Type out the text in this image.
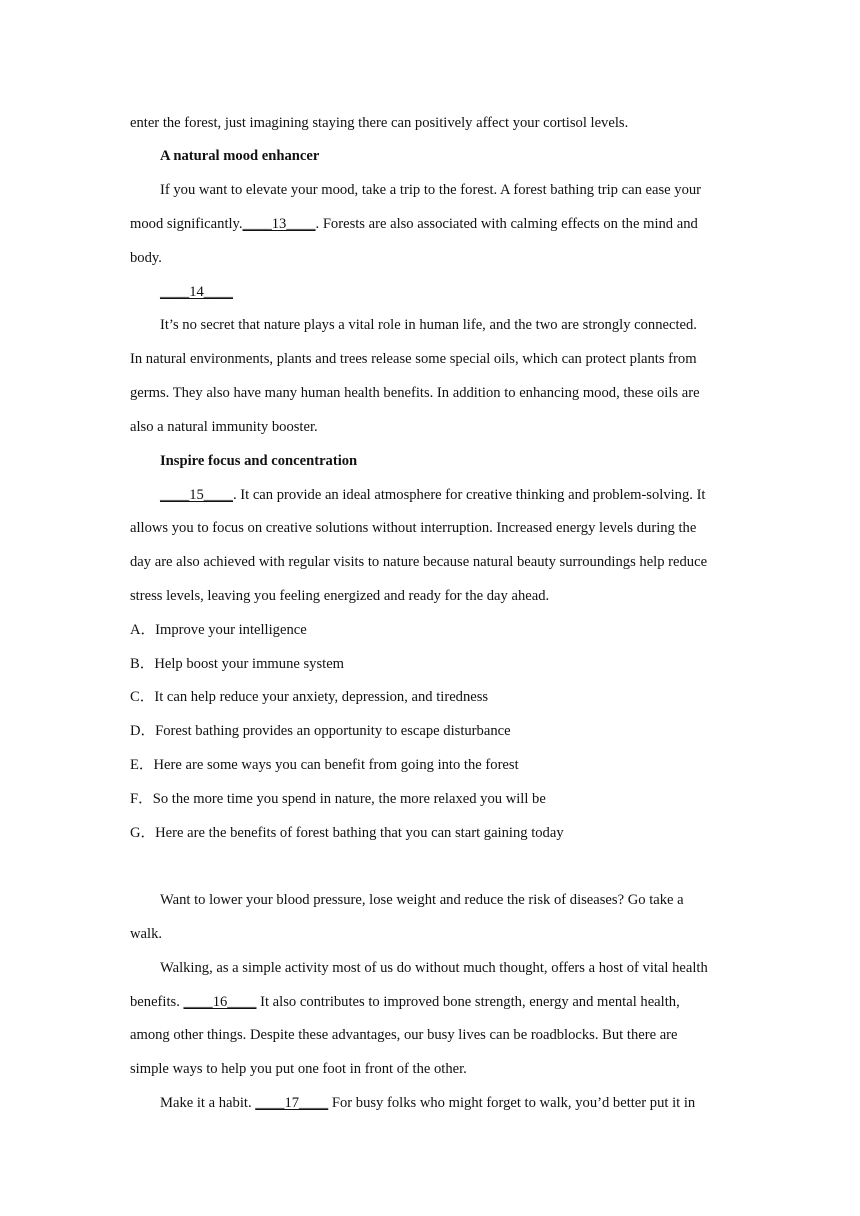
enter the forest, just imagining staying there can positively affect your cortisol levels.
A natural mood enhancer
If you want to elevate your mood, take a trip to the forest. A forest bathing trip can ease your
mood significantly.____13____. Forests are also associated with calming effects on the mind and
body.
____14____
It’s no secret that nature plays a vital role in human life, and the two are strongly connected.
In natural environments, plants and trees release some special oils, which can protect plants from
germs. They also have many human health benefits. In addition to enhancing mood, these oils are
also a natural immunity booster.
Inspire focus and concentration
____15____. It can provide an ideal atmosphere for creative thinking and problem-solving. It
allows you to focus on creative solutions without interruption. Increased energy levels during the
day are also achieved with regular visits to nature because natural beauty surroundings help reduce
stress levels, leaving you feeling energized and ready for the day ahead.
A．Improve your intelligence
B．Help boost your immune system
C．It can help reduce your anxiety, depression, and tiredness
D．Forest bathing provides an opportunity to escape disturbance
E．Here are some ways you can benefit from going into the forest
F．So the more time you spend in nature, the more relaxed you will be
G．Here are the benefits of forest bathing that you can start gaining today
Want to lower your blood pressure, lose weight and reduce the risk of diseases? Go take a
walk.
Walking, as a simple activity most of us do without much thought, offers a host of vital health
benefits. ____16____ It also contributes to improved bone strength, energy and mental health,
among other things. Despite these advantages, our busy lives can be roadblocks. But there are
simple ways to help you put one foot in front of the other.
Make it a habit. ____17____ For busy folks who might forget to walk, you’d better put it in
